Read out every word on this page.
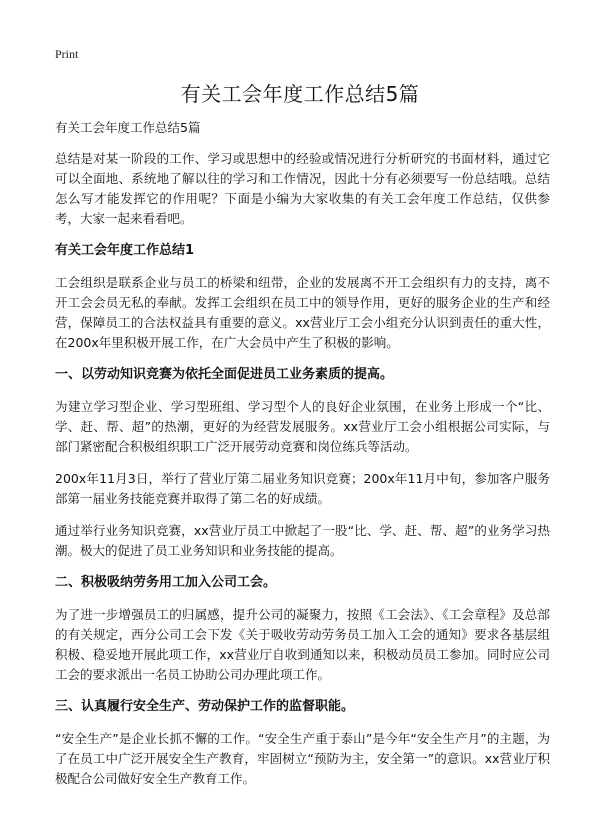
Print
有关工会年度工作总结5篇

有关工会年度工作总结5篇

总结是对某一阶段的工作、学习或思想中的经验或情况进行分析研究的书面材料，通过它可以全面地、系统地了解以往的学习和工作情况，因此十分有必须要写一份总结哦。总结怎么写才能发挥它的作用呢？下面是小编为大家收集的有关工会年度工作总结，仅供参考，大家一起来看看吧。

有关工会年度工作总结1

工会组织是联系企业与员工的桥梁和纽带，企业的发展离不开工会组织有力的支持，离不开工会会员无私的奉献。发挥工会组织在员工中的领导作用，更好的服务企业的生产和经营，保障员工的合法权益具有重要的意义。xx营业厅工会小组充分认识到责任的重大性，在200x年里积极开展工作，在广大会员中产生了积极的影响。

一、以劳动知识竞赛为依托全面促进员工业务素质的提高。

为建立学习型企业、学习型班组、学习型个人的良好企业氛围，在业务上形成一个“比、学、赶、帮、超”的热潮，更好的为经营发展服务。xx营业厅工会小组根据公司实际，与部门紧密配合积极组织职工广泛开展劳动竞赛和岗位练兵等活动。

200x年11月3日，举行了营业厅第二届业务知识竞赛；200x年11月中旬，参加客户服务部第一届业务技能竞赛并取得了第二名的好成绩。

通过举行业务知识竞赛，xx营业厅员工中掀起了一股“比、学、赶、帮、超”的业务学习热潮。极大的促进了员工业务知识和业务技能的提高。

二、积极吸纳劳务用工加入公司工会。

为了进一步增强员工的归属感，提升公司的凝聚力，按照《工会法》、《工会章程》及总部的有关规定，西分公司工会下发《关于吸收劳动劳务员工加入工会的通知》要求各基层组积极、稳妥地开展此项工作，xx营业厅自收到通知以来，积极动员员工参加。同时应公司工会的要求派出一名员工协助公司办理此项工作。

三、认真履行安全生产、劳动保护工作的监督职能。

“安全生产”是企业长抓不懈的工作。“安全生产重于泰山”是今年“安全生产月”的主题，为了在员工中广泛开展安全生产教育，牢固树立“预防为主，安全第一”的意识。xx营业厅积极配合公司做好安全生产教育工作。
